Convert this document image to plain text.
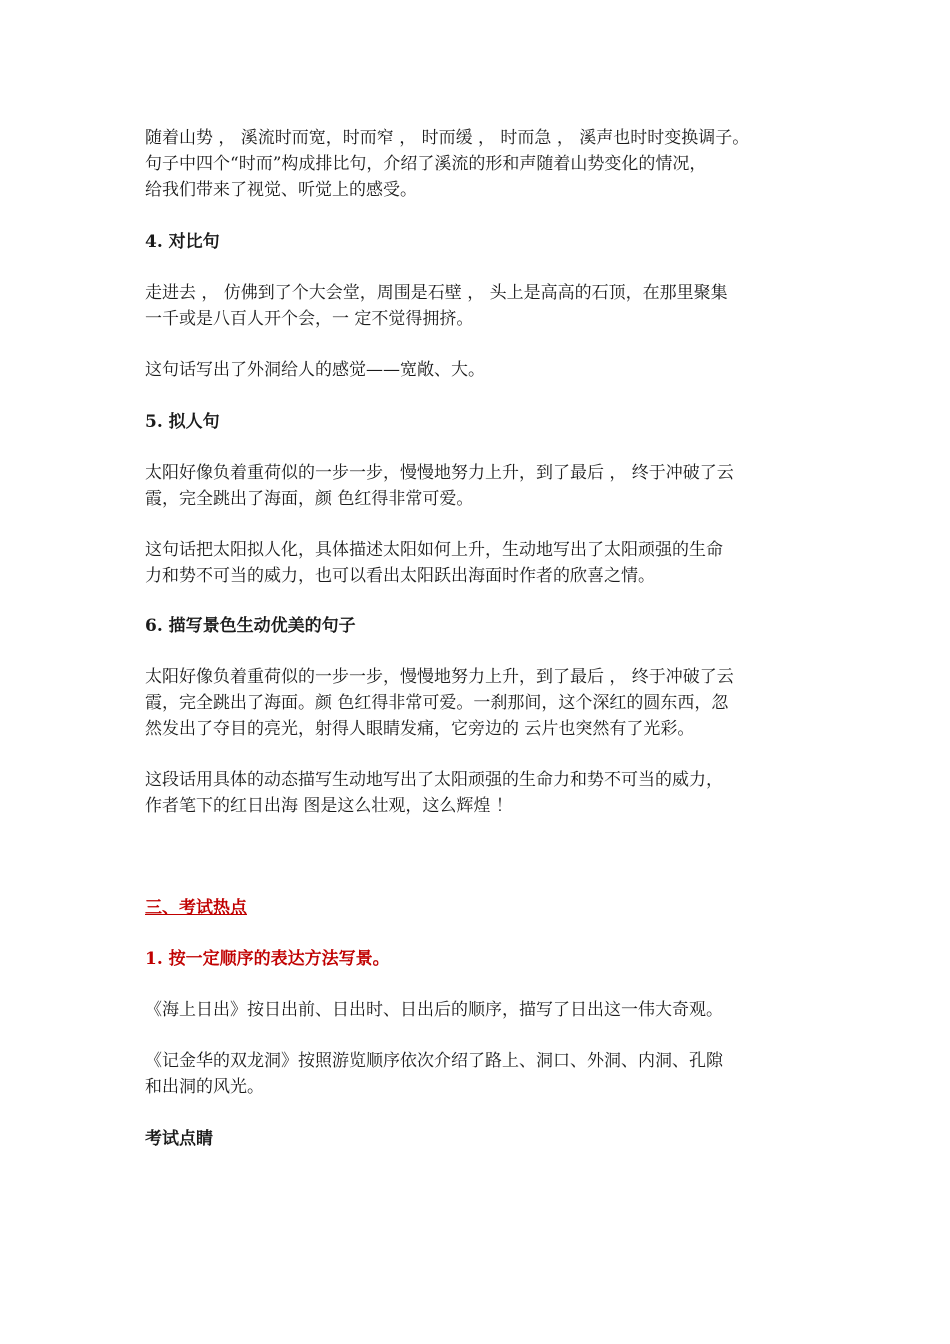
随着山势 ， 溪流时而宽，时而窄 ， 时而缓 ， 时而急 ， 溪声也时时变换调子。
句子中四个“时而”构成排比句，介绍了溪流的形和声随着山势变化的情况，
给我们带来了视觉、听觉上的感受。

4. 对比句

走进去 ， 仿佛到了个大会堂，周围是石壁 ， 头上是高高的石顶，在那里聚集
一千或是八百人开个会，一 定不觉得拥挤。

这句话写出了外洞给人的感觉——宽敞、大。

5. 拟人句

太阳好像负着重荷似的一步一步，慢慢地努力上升，到了最后 ， 终于冲破了云
霞，完全跳出了海面，颜 色红得非常可爱。

这句话把太阳拟人化，具体描述太阳如何上升，生动地写出了太阳顽强的生命
力和势不可当的威力，也可以看出太阳跃出海面时作者的欣喜之情。

6. 描写景色生动优美的句子

太阳好像负着重荷似的一步一步，慢慢地努力上升，到了最后 ， 终于冲破了云
霞，完全跳出了海面。颜 色红得非常可爱。一刹那间，这个深红的圆东西，忽
然发出了夺目的亮光，射得人眼睛发痛，它旁边的 云片也突然有了光彩。

这段话用具体的动态描写生动地写出了太阳顽强的生命力和势不可当的威力，
作者笔下的红日出海 图是这么壮观，这么辉煌 ！

三、考试热点

1. 按一定顺序的表达方法写景。

《海上日出》按日出前、日出时、日出后的顺序，描写了日出这一伟大奇观。

《记金华的双龙洞》按照游览顺序依次介绍了路上、洞口、外洞、内洞、孔隙
和出洞的风光。

考试点睛
